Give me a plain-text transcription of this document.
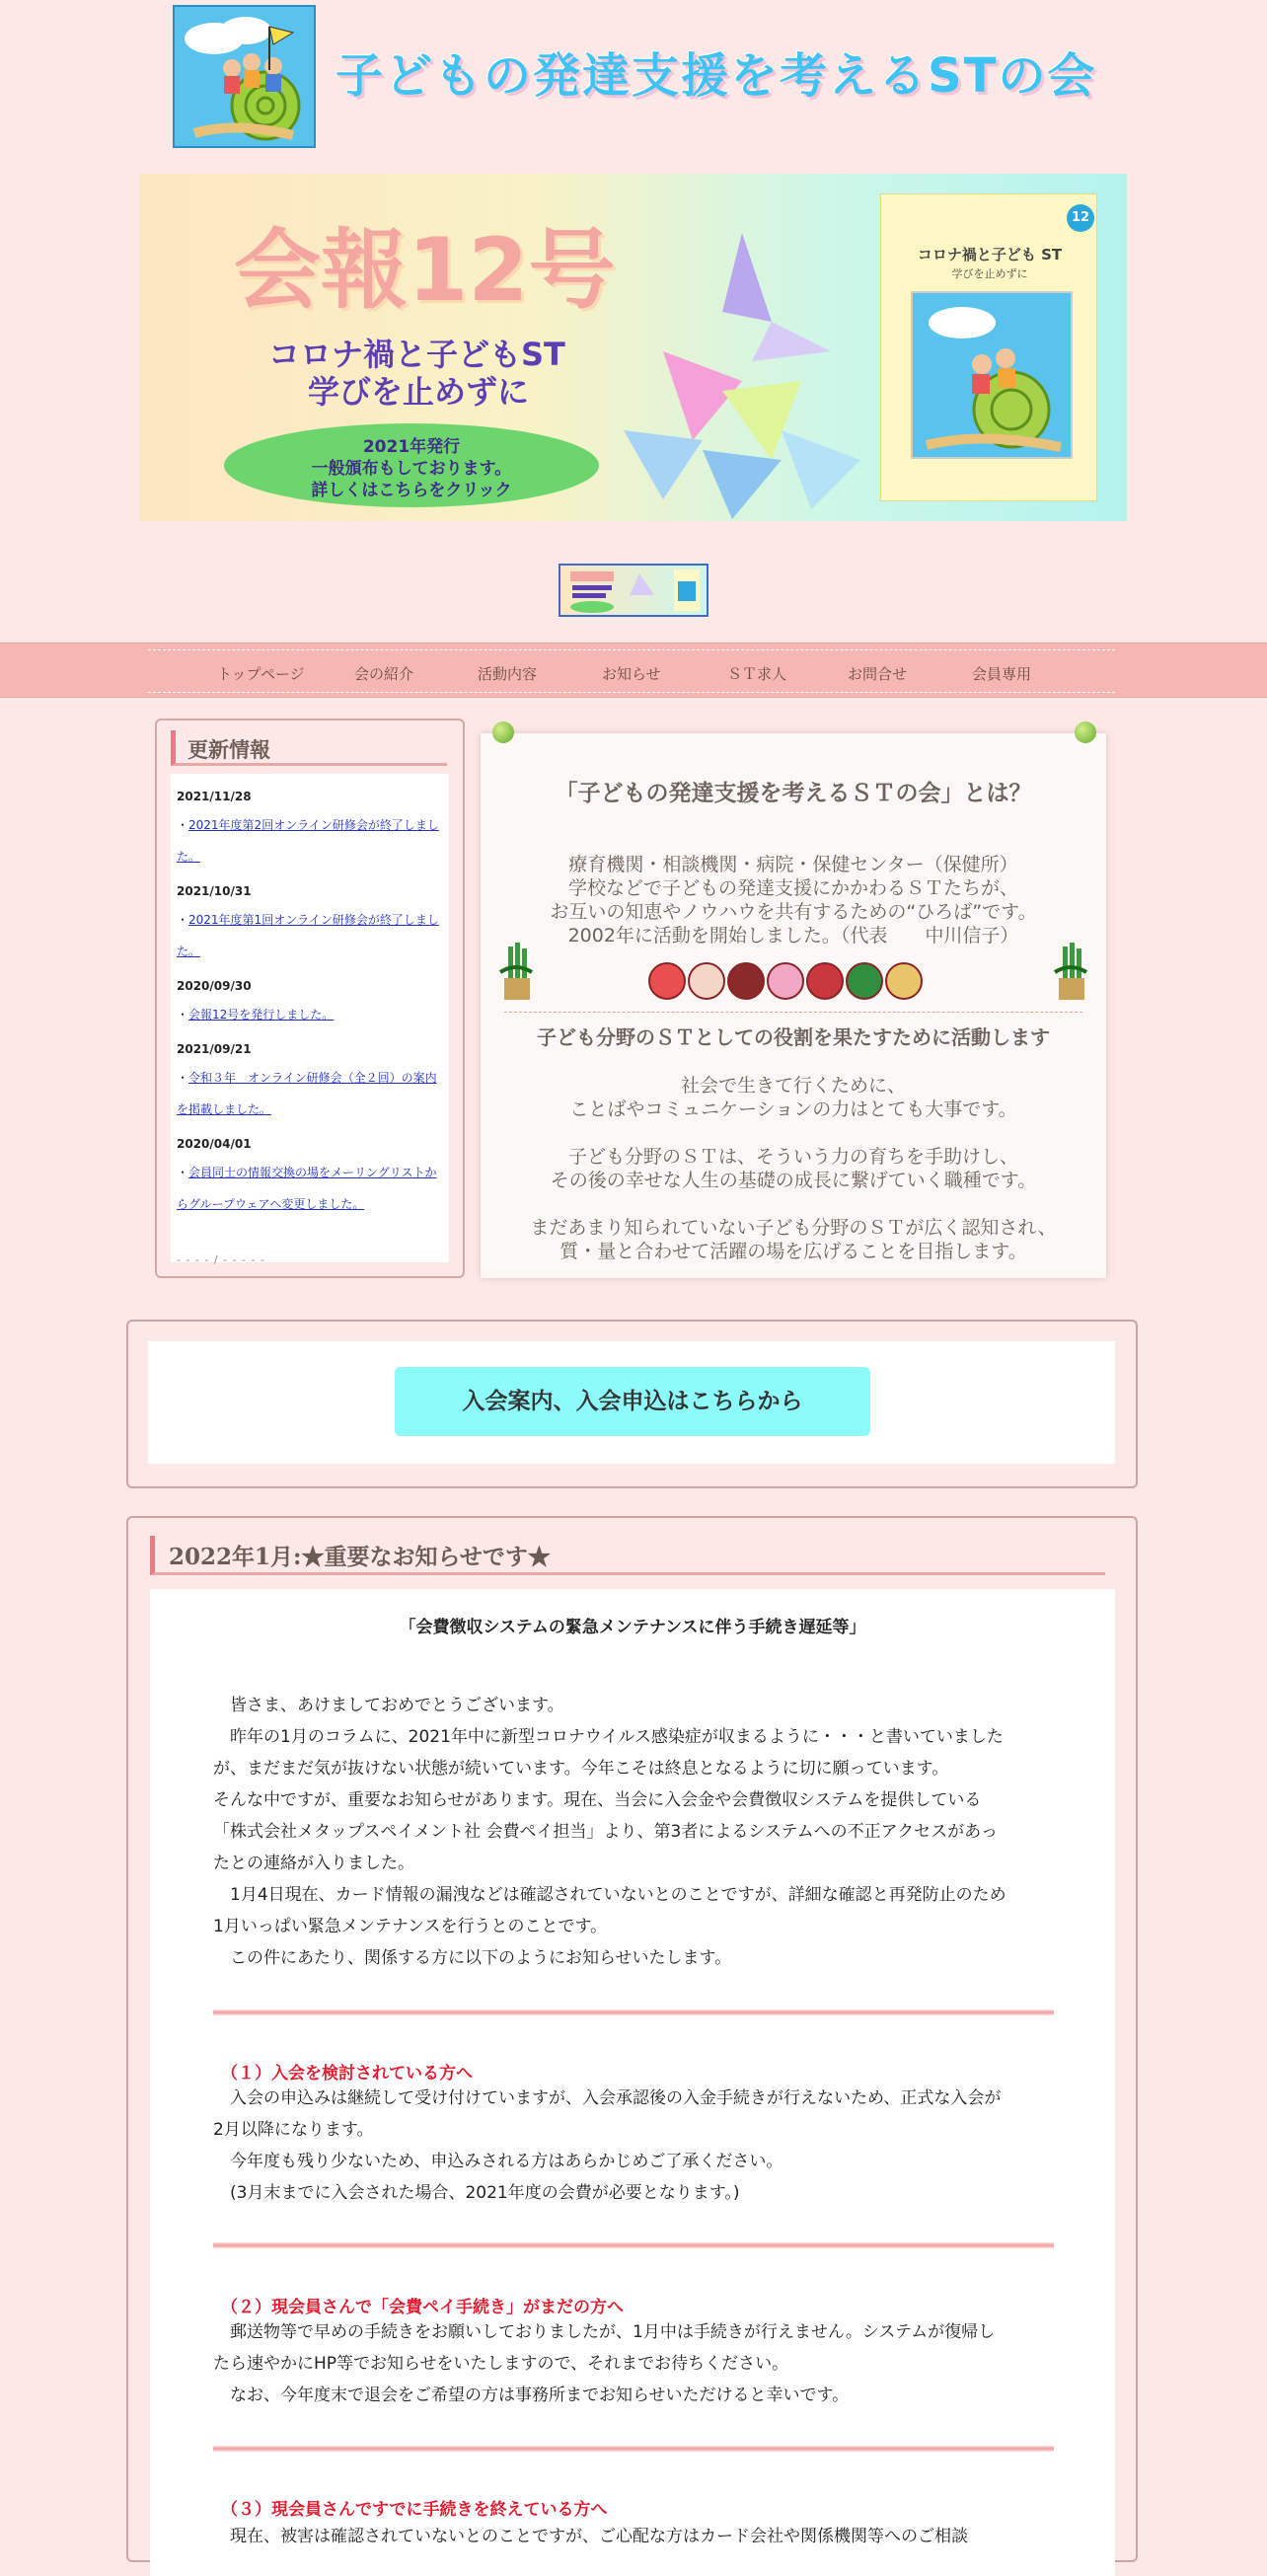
子どもの発達支援を考えるSTの会
会報12号
コロナ禍と子どもST
学びを止めずに
2021年発行
一般頒布もしております。
詳しくはこちらをクリック
12
コロナ禍と子ども ST
学びを止めずに
トップページ	会の紹介	活動内容	お知らせ	ＳＴ求人	お問合せ	会員専用
更新情報
2021/11/28
・2021年度第2回オンライン研修会が終了しました。
2021/10/31
・2021年度第1回オンライン研修会が終了しました。
2020/09/30
・会報12号を発行しました。
2021/09/21
・令和３年　オンライン研修会（全２回）の案内を掲載しました。
2020/04/01
・会員同士の情報交換の場をメーリングリストからグループウェアへ変更しました。
- - - - / - - - - -
「子どもの発達支援を考えるＳＴの会」とは？
療育機関・相談機関・病院・保健センター（保健所）
学校などで子どもの発達支援にかかわるＳＴたちが、
お互いの知恵やノウハウを共有するための“ひろば”です。
2002年に活動を開始しました。（代表　　中川信子）
子ども分野のＳＴとしての役割を果たすために活動します
社会で生きて行くために、
ことばやコミュニケーションの力はとても大事です。
子ども分野のＳＴは、そういう力の育ちを手助けし、
その後の幸せな人生の基礎の成長に繋げていく職種です。
まだあまり知られていない子ども分野のＳＴが広く認知され、
質・量と合わせて活躍の場を広げることを目指します。
入会案内、入会申込はこちらから
2022年1月:★重要なお知らせです★
「会費徴収システムの緊急メンテナンスに伴う手続き遅延等」
　皆さま、あけましておめでとうございます。
　昨年の1月のコラムに、2021年中に新型コロナウイルス感染症が収まるように・・・と書いていました
が、まだまだ気が抜けない状態が続いています。今年こそは終息となるように切に願っています。
そんな中ですが、重要なお知らせがあります。現在、当会に入会金や会費徴収システムを提供している
「株式会社メタップスペイメント社 会費ペイ担当」より、第3者によるシステムへの不正アクセスがあっ
たとの連絡が入りました。
　1月4日現在、カード情報の漏洩などは確認されていないとのことですが、詳細な確認と再発防止のため
1月いっぱい緊急メンテナンスを行うとのことです。
　この件にあたり、関係する方に以下のようにお知らせいたします。
（１）入会を検討されている方へ
　入会の申込みは継続して受け付けていますが、入会承認後の入金手続きが行えないため、正式な入会が
2月以降になります。
　今年度も残り少ないため、申込みされる方はあらかじめご了承ください。
　(3月末までに入会された場合、2021年度の会費が必要となります。)
（２）現会員さんで「会費ペイ手続き」がまだの方へ
　郵送物等で早めの手続きをお願いしておりましたが、1月中は手続きが行えません。システムが復帰し
たら速やかにHP等でお知らせをいたしますので、それまでお待ちください。
　なお、今年度末で退会をご希望の方は事務所までお知らせいただけると幸いです。
（３）現会員さんですでに手続きを終えている方へ
　現在、被害は確認されていないとのことですが、ご心配な方はカード会社や関係機関等へのご相談
